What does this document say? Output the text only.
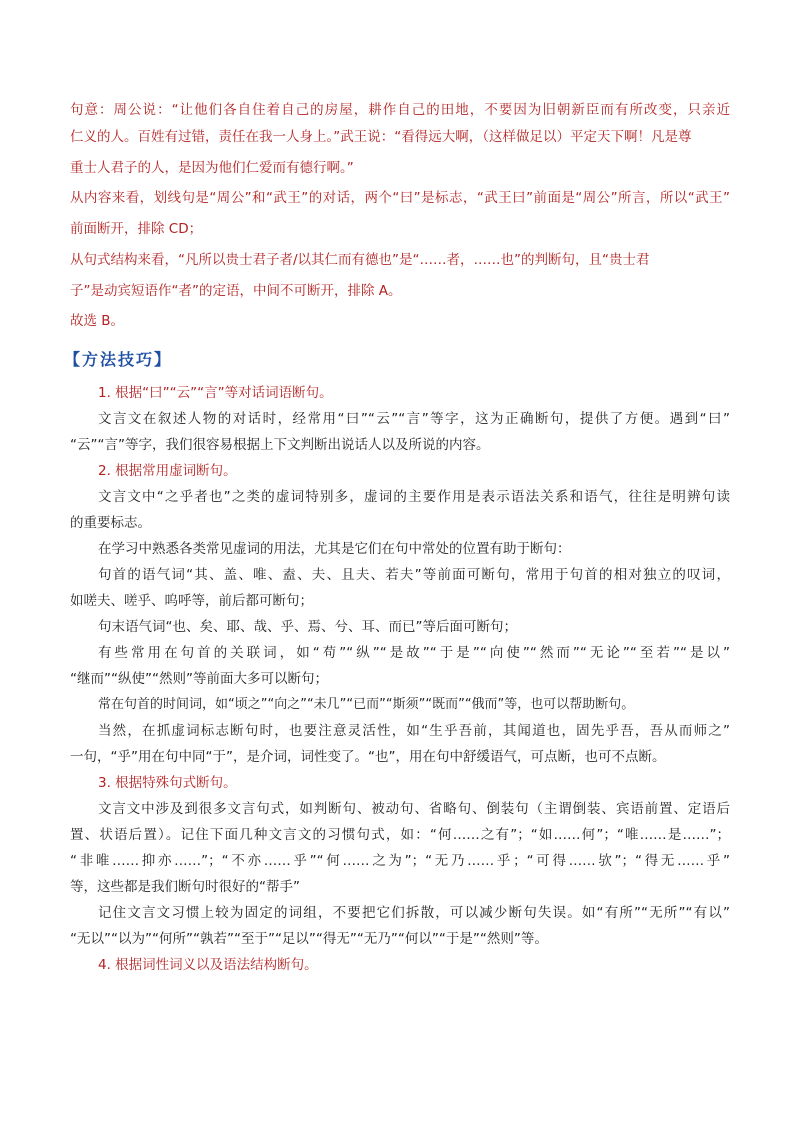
句意：周公说：“让他们各自住着自己的房屋，耕作自己的田地，不要因为旧朝新臣而有所改变，只亲近
仁义的人。百姓有过错，责任在我一人身上。”武王说：“看得远大啊，（这样做足以）平定天下啊！凡是尊
重士人君子的人，是因为他们仁爱而有德行啊。”
从内容来看，划线句是“周公”和“武王”的对话，两个“曰”是标志，“武王曰”前面是“周公”所言，所以“武王”
前面断开，排除 CD；
从句式结构来看，“凡所以贵士君子者/以其仁而有德也”是“……者，……也”的判断句，且“贵士君
子”是动宾短语作“者”的定语，中间不可断开，排除 A。
故选 B。
【方法技巧】
1. 根据“曰”“云”“言”等对话词语断句。
文言文在叙述人物的对话时，经常用“曰”“云”“言”等字，这为正确断句，提供了方便。遇到“曰”
“云”“言”等字，我们很容易根据上下文判断出说话人以及所说的内容。
2. 根据常用虚词断句。
文言文中“之乎者也”之类的虚词特别多，虚词的主要作用是表示语法关系和语气，往往是明辨句读
的重要标志。
在学习中熟悉各类常见虚词的用法，尤其是它们在句中常处的位置有助于断句：
句首的语气词“其、盖、唯、盍、夫、且夫、若夫”等前面可断句，常用于句首的相对独立的叹词，
如嗟夫、嗟乎、呜呼等，前后都可断句；
句末语气词“也、矣、耶、哉、乎、焉、兮、耳、而已”等后面可断句；
有些常用在句首的关联词，如“苟”“纵”“是故”“于是”“向使”“然而”“无论”“至若”“是以”
“继而”“纵使”“然则”等前面大多可以断句；
常在句首的时间词，如“顷之”“向之”“未几”“已而”“斯须”“既而”“俄而”等，也可以帮助断句。
当然，在抓虚词标志断句时，也要注意灵活性，如“生乎吾前，其闻道也，固先乎吾，吾从而师之”
一句，“乎”用在句中同“于”，是介词，词性变了。“也”，用在句中舒缓语气，可点断，也可不点断。
3. 根据特殊句式断句。
文言文中涉及到很多文言句式，如判断句、被动句、省略句、倒装句（主谓倒装、宾语前置、定语后
置、状语后置）。记住下面几种文言文的习惯句式，如：“何……之有”；“如……何”；“唯……是……”；
“非唯……抑亦……”；“不亦……乎”“何……之为”；“无乃……乎；“可得……欤”；“得无……乎”
等，这些都是我们断句时很好的“帮手”
记住文言文习惯上较为固定的词组，不要把它们拆散，可以减少断句失误。如“有所”“无所”“有以”
“无以”“以为”“何所”“孰若”“至于”“足以”“得无”“无乃”“何以”“于是”“然则”等。
4. 根据词性词义以及语法结构断句。
